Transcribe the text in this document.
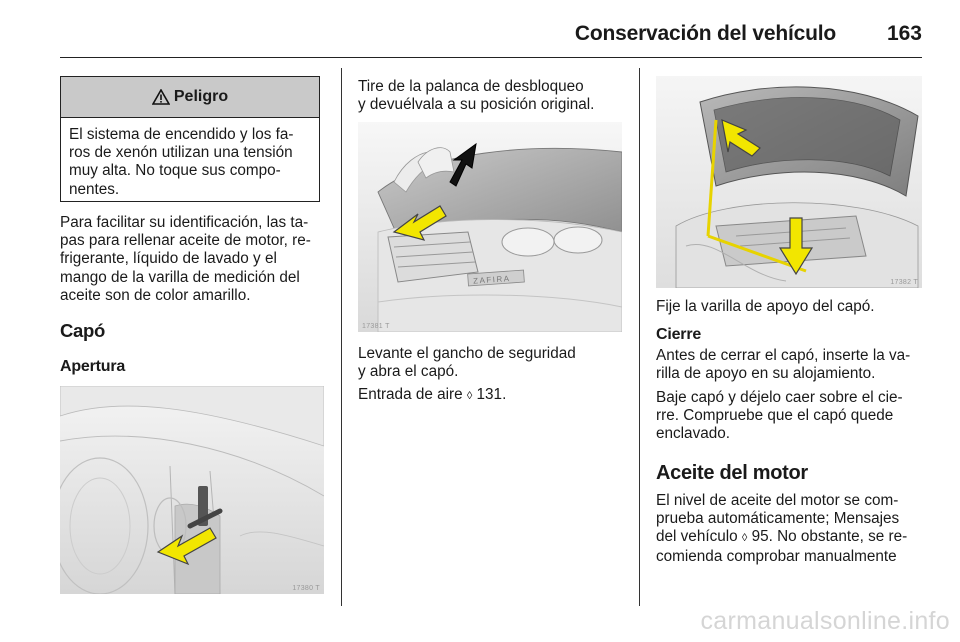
Conservación del vehículo 163
Peligro
El sistema de encendido y los fa-
ros de xenón utilizan una tensión
muy alta. No toque sus compo-
nentes.
Para facilitar su identificación, las ta-
pas para rellenar aceite de motor, re-
frigerante, líquido de lavado y el
mango de la varilla de medición del
aceite son de color amarillo.
Capó
Apertura
17380 T
Tire de la palanca de desbloqueo
y devuélvala a su posición original.
ZAFIRA
17381 T
Levante el gancho de seguridad
y abra el capó.
Entrada de aire ◊ 131.
17382 T
Fije la varilla de apoyo del capó.
Cierre
Antes de cerrar el capó, inserte la va-
rilla de apoyo en su alojamiento.
Baje capó y déjelo caer sobre el cie-
rre. Compruebe que el capó quede
enclavado.
Aceite del motor
El nivel de aceite del motor se com-
prueba automáticamente; Mensajes
del vehículo ◊ 95. No obstante, se re-
comienda comprobar manualmente
carmanualsonline.info
